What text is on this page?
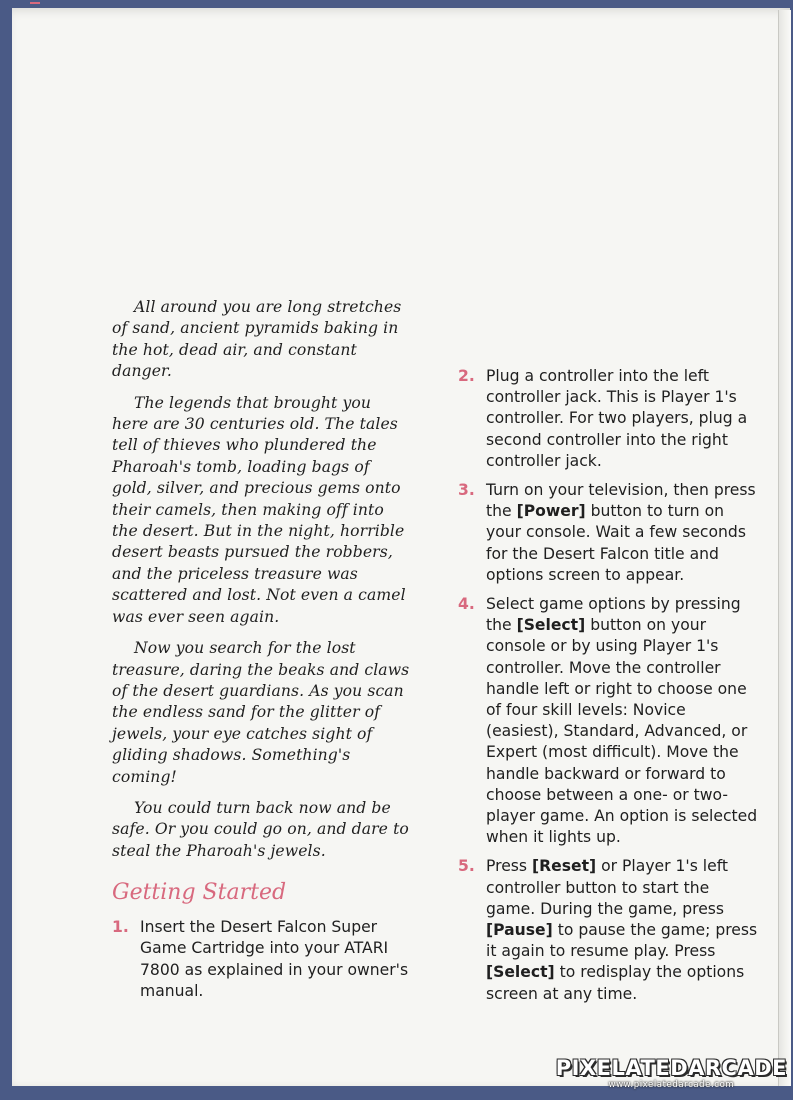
All around you are long stretches of sand, ancient pyramids baking in the hot, dead air, and constant danger.

The legends that brought you here are 30 centuries old. The tales tell of thieves who plundered the Pharoah's tomb, loading bags of gold, silver, and precious gems onto their camels, then making off into the desert. But in the night, horrible desert beasts pursued the robbers, and the priceless treasure was scattered and lost. Not even a camel was ever seen again.

Now you search for the lost treasure, daring the beaks and claws of the desert guardians. As you scan the endless sand for the glitter of jewels, your eye catches sight of gliding shadows. Something's coming!

You could turn back now and be safe. Or you could go on, and dare to steal the Pharoah's jewels.

Getting Started
1. Insert the Desert Falcon Super Game Cartridge into your ATARI 7800 as explained in your owner's manual.
2. Plug a controller into the left controller jack. This is Player 1's controller. For two players, plug a second controller into the right controller jack.
3. Turn on your television, then press the [Power] button to turn on your console. Wait a few seconds for the Desert Falcon title and options screen to appear.
4. Select game options by pressing the [Select] button on your console or by using Player 1's controller. Move the controller handle left or right to choose one of four skill levels: Novice (easiest), Standard, Advanced, or Expert (most difficult). Move the handle backward or forward to choose between a one- or two-player game. An option is selected when it lights up.
5. Press [Reset] or Player 1's left controller button to start the game. During the game, press [Pause] to pause the game; press it again to resume play. Press [Select] to redisplay the options screen at any time.
PIXELATEDARCADE
www.pixelatedarcade.com
